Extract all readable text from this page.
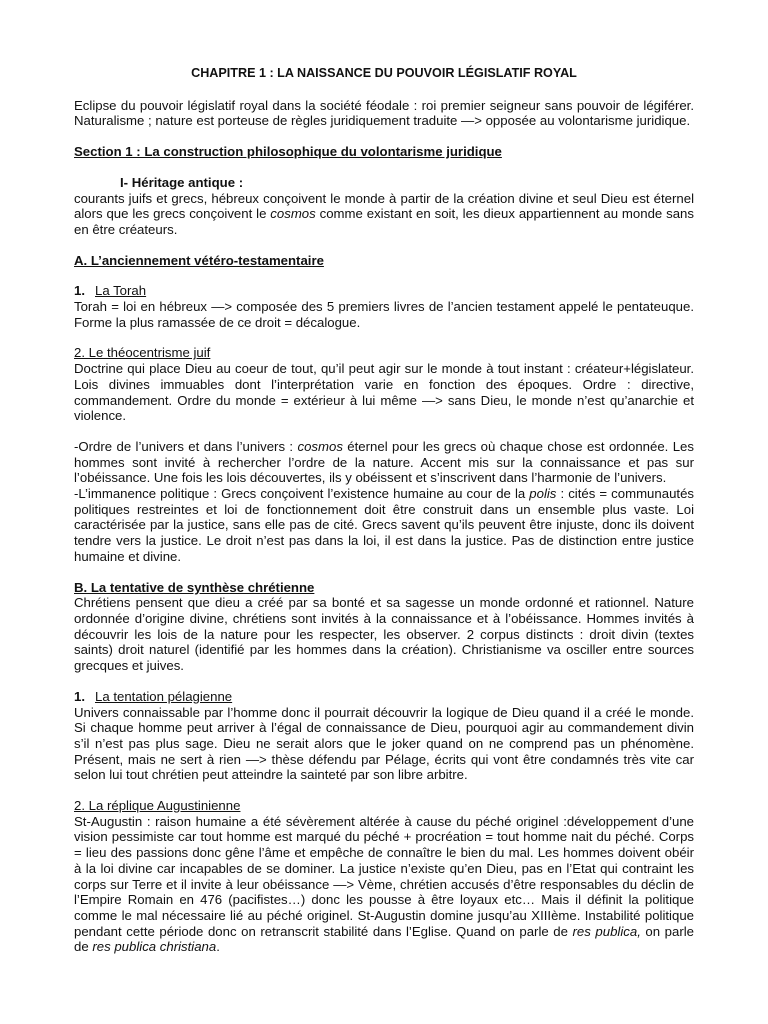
CHAPITRE 1 : LA NAISSANCE DU POUVOIR LÉGISLATIF ROYAL

Eclipse du pouvoir législatif royal dans la société féodale : roi premier seigneur sans pouvoir de légiférer. Naturalisme ; nature est porteuse de règles juridiquement traduite —> opposée au volontarisme juridique.

Section 1 : La construction philosophique du volontarisme juridique

I- Héritage antique :

courants juifs et grecs, hébreux conçoivent le monde à partir de la création divine et seul Dieu est éternel alors que les grecs conçoivent le cosmos comme existant en soit, les dieux appartiennent au monde sans en être créateurs.

A. L’anciennement vétéro-testamentaire

1. La Torah

Torah = loi en hébreux —> composée des 5 premiers livres de l’ancien testament appelé le pentateuque. Forme la plus ramassée de ce droit = décalogue.

2. Le théocentrisme juif

Doctrine qui place Dieu au coeur de tout, qu’il peut agir sur le monde à tout instant : créateur+législateur. Lois divines immuables dont l’interprétation varie en fonction des époques. Ordre : directive, commandement. Ordre du monde = extérieur à lui même —> sans Dieu, le monde n’est qu’anarchie et violence.

-Ordre de l’univers et dans l’univers : cosmos éternel pour les grecs où chaque chose est ordonnée. Les hommes sont invité à rechercher l’ordre de la nature. Accent mis sur la connaissance et pas sur l’obéissance. Une fois les lois découvertes, ils y obéissent et s’inscrivent dans l’harmonie de l’univers.

-L’immanence politique : Grecs conçoivent l’existence humaine au cour de la polis : cités = communautés politiques restreintes et loi de fonctionnement doit être construit dans un ensemble plus vaste. Loi caractérisée par la justice, sans elle pas de cité. Grecs savent qu’ils peuvent être injuste, donc ils doivent tendre vers la justice. Le droit n’est pas dans la loi, il est dans la justice. Pas de distinction entre justice humaine et divine.

B. La tentative de synthèse chrétienne

Chrétiens pensent que dieu a créé par sa bonté et sa sagesse un monde ordonné et rationnel. Nature ordonnée d’origine divine, chrétiens sont invités à la connaissance et à l’obéissance. Hommes invités à découvrir les lois de la nature pour les respecter, les observer. 2 corpus distincts : droit divin (textes saints) droit naturel (identifié par les hommes dans la création). Christianisme va osciller entre sources grecques et juives.

1. La tentation pélagienne

Univers connaissable par l’homme donc il pourrait découvrir la logique de Dieu quand il a créé le monde. Si chaque homme peut arriver à l’égal de connaissance de Dieu, pourquoi agir au commandement divin s’il n’est pas plus sage. Dieu ne serait alors que le joker quand on ne comprend pas un phénomène. Présent, mais ne sert à rien —> thèse défendu par Pélage, écrits qui vont être condamnés très vite car selon lui tout chrétien peut atteindre la sainteté par son libre arbitre.

2. La réplique Augustinienne

St-Augustin : raison humaine a été sévèrement altérée à cause du péché originel :développement d’une vision pessimiste car tout homme est marqué du péché + procréation = tout homme nait du péché. Corps = lieu des passions donc gêne l’âme et empêche de connaître le bien du mal. Les hommes doivent obéir à la loi divine car incapables de se dominer. La justice n’existe qu’en Dieu, pas en l’Etat qui contraint les corps sur Terre et il invite à leur obéissance —> Vème, chrétien accusés d’être responsables du déclin de l’Empire Romain en 476 (pacifistes…) donc les pousse à être loyaux etc… Mais il définit la politique comme le mal nécessaire lié au péché originel. St-Augustin domine jusqu’au XIIIème. Instabilité politique pendant cette période donc on retranscrit stabilité dans l’Eglise. Quand on parle de res publica, on parle de res publica christiana.
